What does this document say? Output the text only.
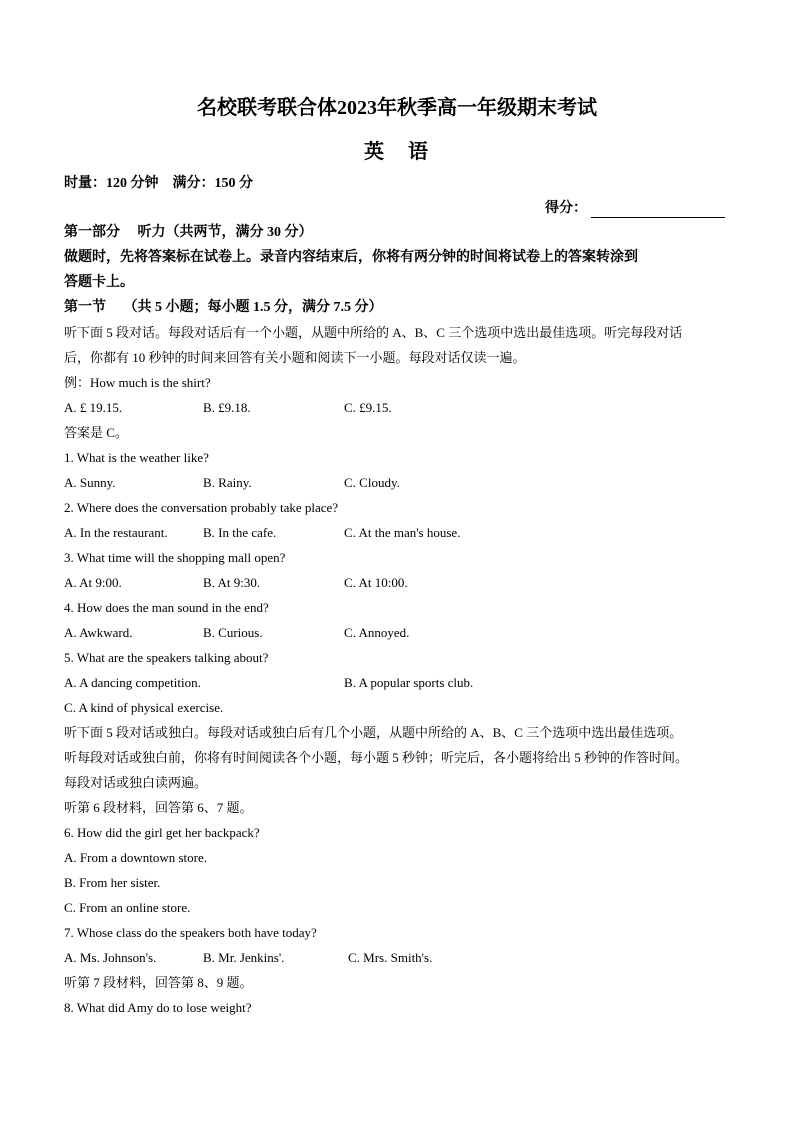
名校联考联合体2023年秋季高一年级期末考试
英　语
时量：120 分钟　满分：150 分
得分：
第一部分　 听力（共两节，满分 30 分）
做题时，先将答案标在试卷上。录音内容结束后，你将有两分钟的时间将试卷上的答案转涂到
答题卡上。
第一节　 （共 5 小题；每小题 1.5 分，满分 7.5 分）
听下面 5 段对话。每段对话后有一个小题，从题中所给的 A、B、C 三个选项中选出最佳选项。听完每段对话
后，你都有 10 秒钟的时间来回答有关小题和阅读下一小题。每段对话仅读一遍。
例：How much is the shirt?
A. £ 19.15.	B. £9.18.	C. £9.15.
答案是 C。
1. What is the weather like?
A. Sunny.	B. Rainy.	C. Cloudy.
2. Where does the conversation probably take place?
A. In the restaurant.	B. In the cafe.	C. At the man's house.
3. What time will the shopping mall open?
A. At 9:00.	B. At 9:30.	C. At 10:00.
4. How does the man sound in the end?
A. Awkward.	B. Curious.	C. Annoyed.
5. What are the speakers talking about?
A. A dancing competition.	B. A popular sports club.
C. A kind of physical exercise.
听下面 5 段对话或独白。每段对话或独白后有几个小题，从题中所给的 A、B、C 三个选项中选出最佳选项。
听每段对话或独白前，你将有时间阅读各个小题，每小题 5 秒钟；听完后，各小题将给出 5 秒钟的作答时间。
每段对话或独白读两遍。
听第 6 段材料，回答第 6、7 题。
6. How did the girl get her backpack?
A. From a downtown store.
B. From her sister.
C. From an online store.
7. Whose class do the speakers both have today?
A. Ms. Johnson's.	B. Mr. Jenkins'.	C. Mrs. Smith's.
听第 7 段材料，回答第 8、9 题。
8. What did Amy do to lose weight?
